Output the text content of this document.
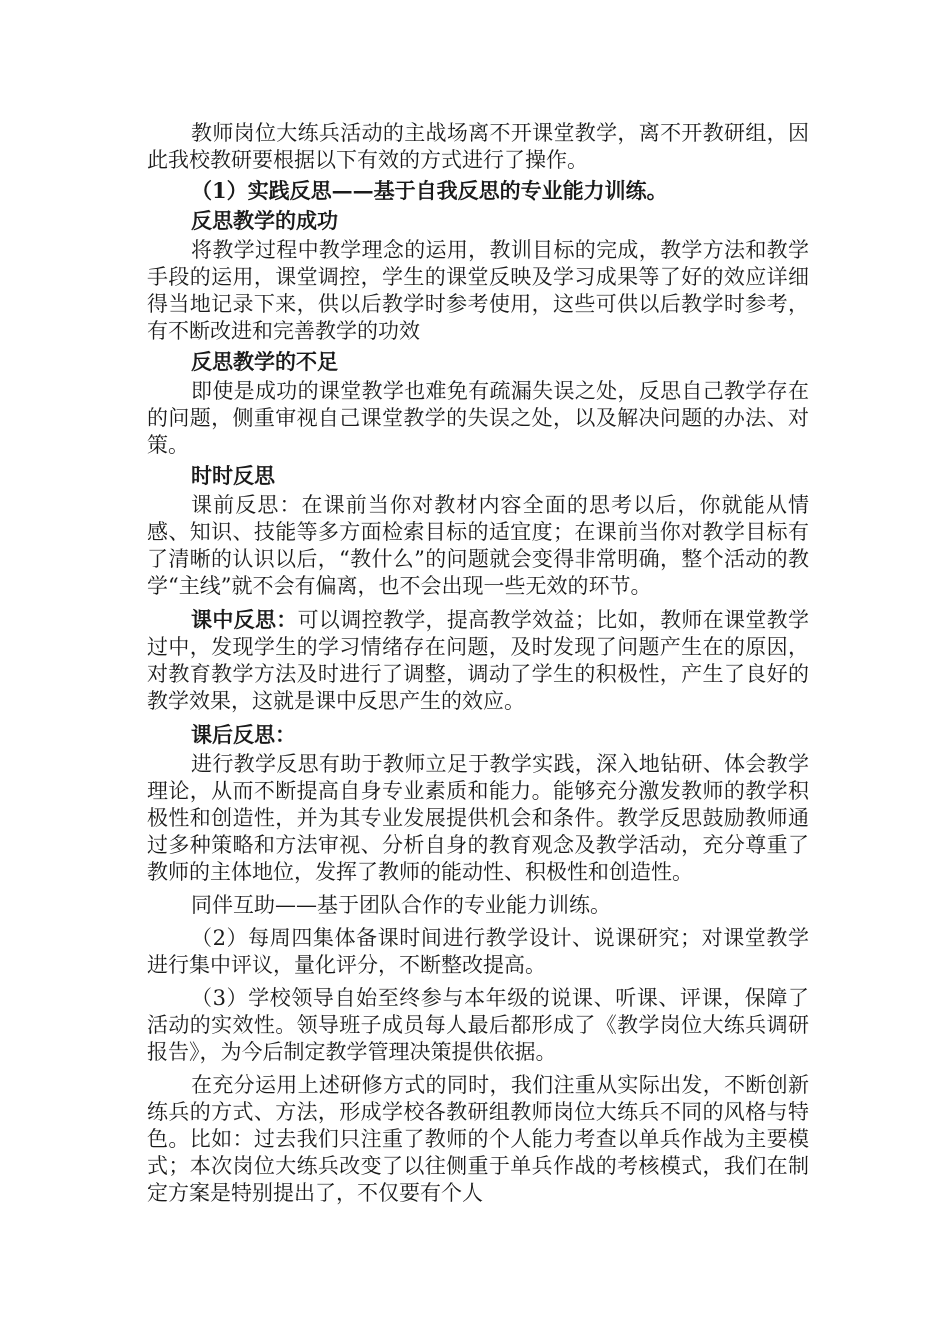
教师岗位大练兵活动的主战场离不开课堂教学，离不开教研组，因此我校教研要根据以下有效的方式进行了操作。

（1）实践反思——基于自我反思的专业能力训练。

反思教学的成功

将教学过程中教学理念的运用，教训目标的完成，教学方法和教学手段的运用，课堂调控，学生的课堂反映及学习成果等了好的效应详细得当地记录下来，供以后教学时参考使用，这些可供以后教学时参考，有不断改进和完善教学的功效

反思教学的不足

即使是成功的课堂教学也难免有疏漏失误之处，反思自己教学存在的问题，侧重审视自己课堂教学的失误之处，以及解决问题的办法、对策。

时时反思

课前反思：在课前当你对教材内容全面的思考以后，你就能从情感、知识、技能等多方面检索目标的适宜度；在课前当你对教学目标有了清晰的认识以后，“教什么”的问题就会变得非常明确，整个活动的教学“主线”就不会有偏离，也不会出现一些无效的环节。

课中反思：可以调控教学，提高教学效益；比如，教师在课堂教学过中，发现学生的学习情绪存在问题，及时发现了问题产生在的原因，对教育教学方法及时进行了调整，调动了学生的积极性，产生了良好的教学效果，这就是课中反思产生的效应。

课后反思：

进行教学反思有助于教师立足于教学实践，深入地钻研、体会教学理论，从而不断提高自身专业素质和能力。能够充分激发教师的教学积极性和创造性，并为其专业发展提供机会和条件。教学反思鼓励教师通过多种策略和方法审视、分析自身的教育观念及教学活动，充分尊重了教师的主体地位，发挥了教师的能动性、积极性和创造性。

同伴互助——基于团队合作的专业能力训练。

（2）每周四集体备课时间进行教学设计、说课研究；对课堂教学进行集中评议，量化评分，不断整改提高。

（3）学校领导自始至终参与本年级的说课、听课、评课，保障了活动的实效性。领导班子成员每人最后都形成了《教学岗位大练兵调研报告》，为今后制定教学管理决策提供依据。

在充分运用上述研修方式的同时，我们注重从实际出发，不断创新练兵的方式、方法，形成学校各教研组教师岗位大练兵不同的风格与特色。比如：过去我们只注重了教师的个人能力考查以单兵作战为主要模式；本次岗位大练兵改变了以往侧重于单兵作战的考核模式，我们在制定方案是特别提出了，不仅要有个人
